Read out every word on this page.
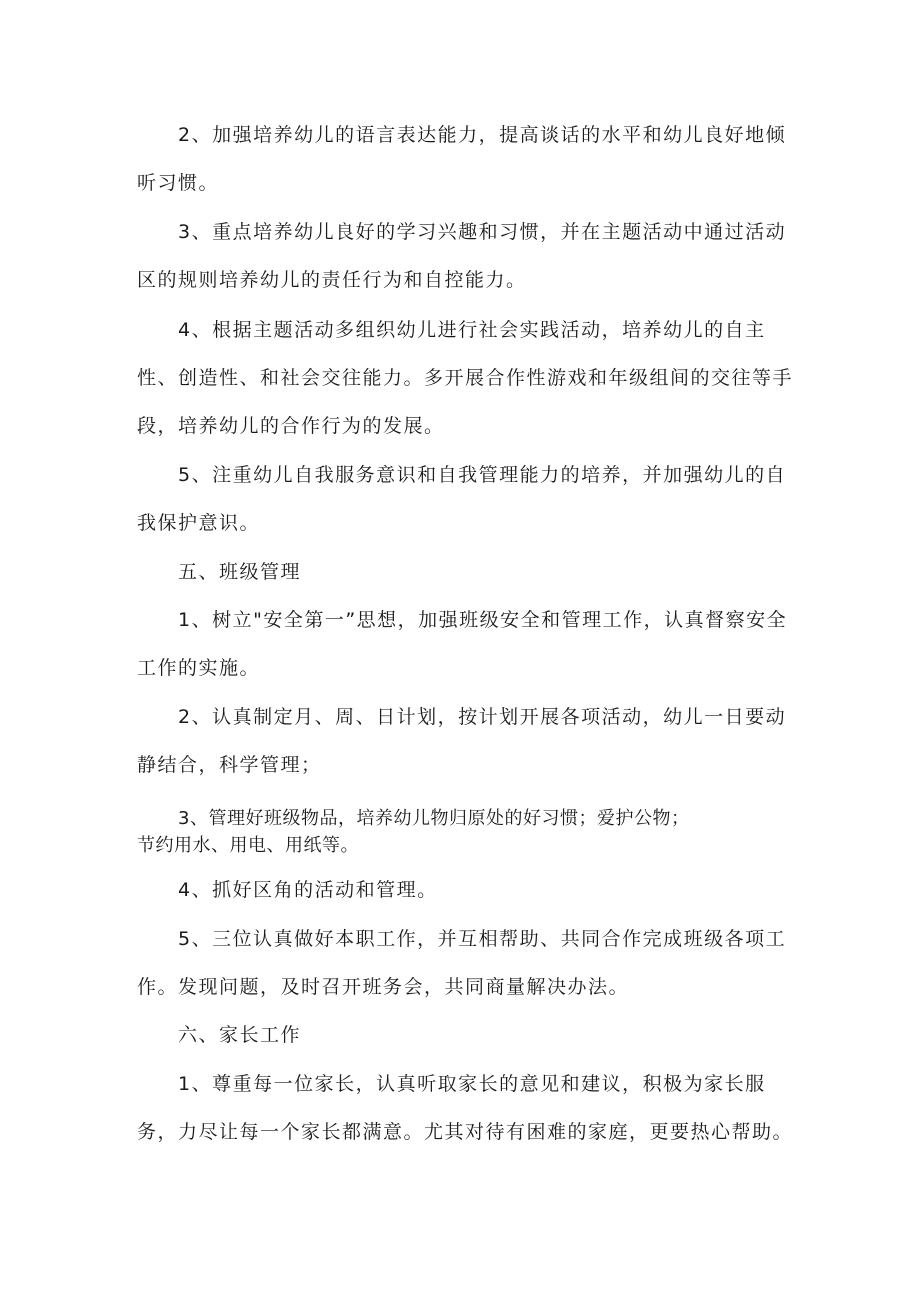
2、加强培养幼儿的语言表达能力，提高谈话的水平和幼儿良好地倾
听习惯。
3、重点培养幼儿良好的学习兴趣和习惯，并在主题活动中通过活动
区的规则培养幼儿的责任行为和自控能力。
4、根据主题活动多组织幼儿进行社会实践活动，培养幼儿的自主
性、创造性、和社会交往能力。多开展合作性游戏和年级组间的交往等手
段，培养幼儿的合作行为的发展。
5、注重幼儿自我服务意识和自我管理能力的培养，并加强幼儿的自
我保护意识。
五、班级管理
1、树立"安全第一”思想，加强班级安全和管理工作，认真督察安全
工作的实施。
2、认真制定月、周、日计划，按计划开展各项活动，幼儿一日要动
静结合，科学管理；
3、管理好班级物品，培养幼儿物归原处的好习惯；爱护公物；
节约用水、用电、用纸等。
4、抓好区角的活动和管理。
5、三位认真做好本职工作，并互相帮助、共同合作完成班级各项工
作。发现问题，及时召开班务会，共同商量解决办法。
六、家长工作
1、尊重每一位家长，认真听取家长的意见和建议，积极为家长服
务，力尽让每一个家长都满意。尤其对待有困难的家庭，更要热心帮助。
